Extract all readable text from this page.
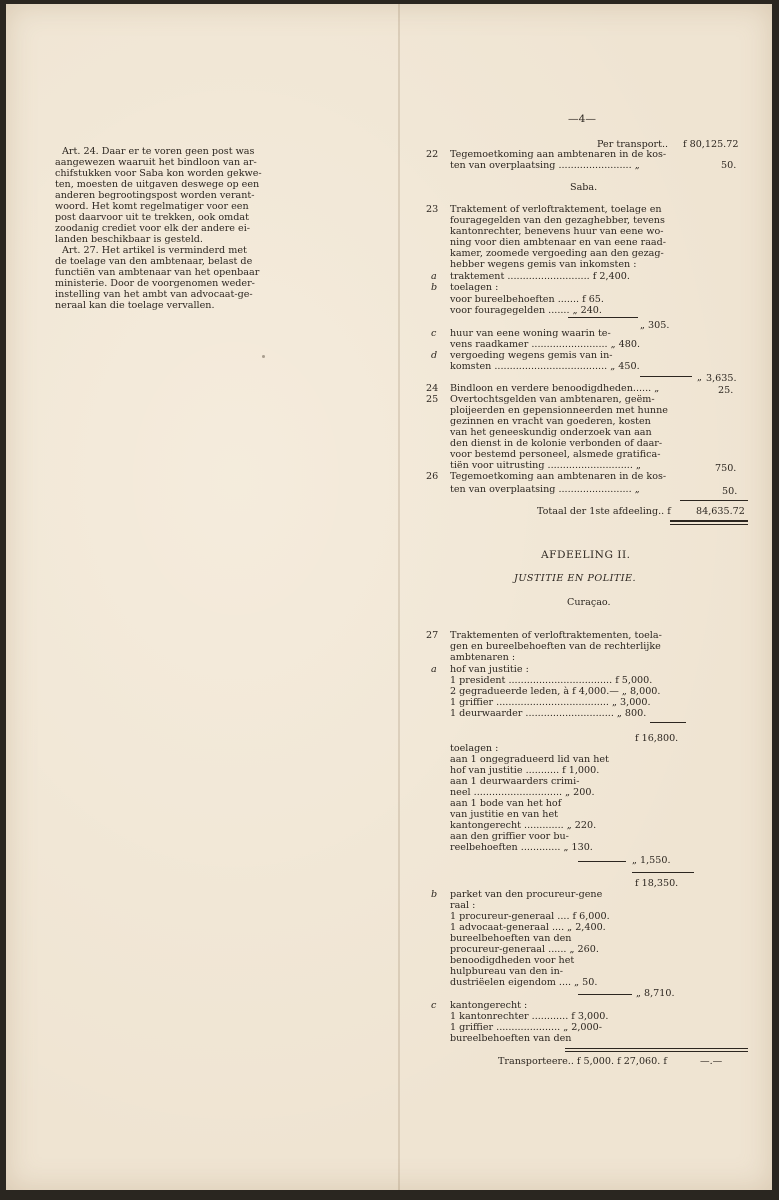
—4—
Art. 24. Daar er te voren geen post was
aangewezen waaruit het bindloon van ar-
chifstukken voor Saba kon worden gekwe-
ten, moesten de uitgaven deswege op een
anderen begrootingspost worden verant-
woord. Het komt regelmatiger voor een
post daarvoor uit te trekken, ook omdat
zoodanig crediet voor elk der andere ei-
landen beschikbaar is gesteld.
Art. 27. Het artikel is verminderd met
de toelage van den ambtenaar, belast de
functiën van ambtenaar van het openbaar
ministerie. Door de voorgenomen weder-
instelling van het ambt van advocaat-ge-
neraal kan die toelage vervallen.
Per transport.. f 80,125.72
22 Tegemoetkoming aan ambtenaren in de kos-
ten van overplaatsing ........................ „	50.
Saba.
23 Traktement of verloftraktement, toelage en
fouragegelden van den gezaghebber, tevens
kantonrechter, benevens huur van eene wo-
ning voor dien ambtenaar en van eene raad-
kamer, zoomede vergoeding aan den gezag-
hebber wegens gemis van inkomsten :
a traktement ........................... f 2,400.
b toelagen :
voor bureelbehoeften ....... f 65.
voor fouragegelden ....... „ 240.
„ 305.
c huur van eene woning waarin te-
vens raadkamer ......................... „ 480.
d vergoeding wegens gemis van in-
komsten ..................................... „ 450.
„ 3,635.
24 Bindloon en verdere benoodigdheden...... „	25.
25 Overtochtsgelden van ambtenaren, geëm-
ploijeerden en gepensionneerden met hunne
gezinnen en vracht van goederen, kosten
van het geneeskundig onderzoek van aan
den dienst in de kolonie verbonden of daar-
voor bestemd personeel, alsmede gratifica-
tiën voor uitrusting ............................ „	750.
26 Tegemoetkoming aan ambtenaren in de kos-
ten van overplaatsing ........................ „	50.
Totaal der 1ste afdeeling.. f	84,635.72
AFDEELING II.
JUSTITIE EN POLITIE.
Curaçao.
27 Traktementen of verloftraktementen, toela-
gen en bureelbehoeften van de rechterlijke
ambtenaren :
a hof van justitie :
1 president .................................. f 5,000.
2 gegradueerde leden, à f 4,000.— „ 8,000.
1 griffier ..................................... „ 3,000.
1 deurwaarder ............................. „ 800.
f 16,800.
toelagen :
aan 1 ongegradueerd lid van het
hof van justitie ........... f 1,000.
aan 1 deurwaarders crimi-
neel ............................. „ 200.
aan 1 bode van het hof
van justitie en van het
kantongerecht ............. „ 220.
aan den griffier voor bu-
reelbehoeften ............. „ 130.
„ 1,550.
f 18,350.
b parket van den procureur-gene
raal :
1 procureur-generaal .... f 6,000.
1 advocaat-generaal .... „ 2,400.
bureelbehoeften van den
procureur-generaal ...... „ 260.
benoodigdheden voor het
hulpbureau van den in-
dustriëelen eigendom .... „ 50.
„ 8,710.
c kantongerecht :
1 kantonrechter ............ f 3,000.
1 griffier ..................... „ 2,000-
bureelbehoeften van den
Transporteere.. f 5,000. f 27,060. f	—.—
